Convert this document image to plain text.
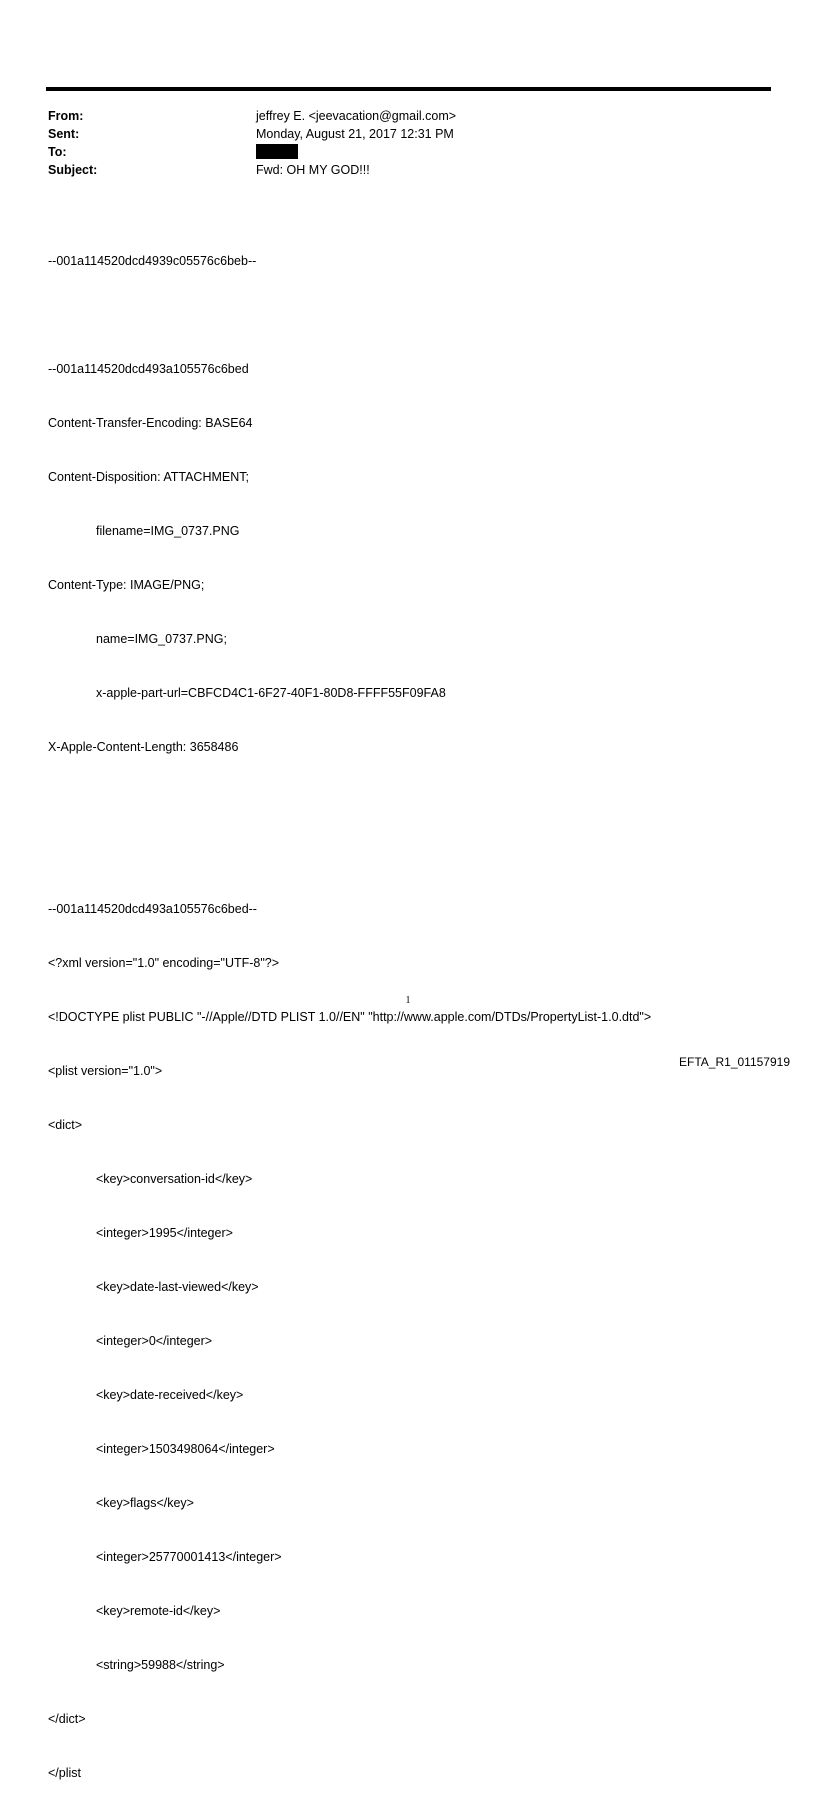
From:	jeffrey E. <jeevacation@gmail.com>
Sent:	Monday, August 21, 2017 12:31 PM
To:
Subject:	Fwd: OH MY GOD!!!

--001a114520dcd4939c05576c6beb--

--001a114520dcd493a105576c6bed

Content-Transfer-Encoding: BASE64

Content-Disposition: ATTACHMENT;

filename=IMG_0737.PNG

Content-Type: IMAGE/PNG;

name=IMG_0737.PNG;

x-apple-part-url=CBFCD4C1-6F27-40F1-80D8-FFFF55F09FA8

X-Apple-Content-Length: 3658486

--001a114520dcd493a105576c6bed--

<?xml version="1.0" encoding="UTF-8"?>

<!DOCTYPE plist PUBLIC "-//Apple//DTD PLIST 1.0//EN" "http://www.apple.com/DTDs/PropertyList-1.0.dtd">

<plist version="1.0">

<dict>

<key>conversation-id</key>

<integer>1995</integer>

<key>date-last-viewed</key>

<integer>0</integer>

<key>date-received</key>

<integer>1503498064</integer>

<key>flags</key>

<integer>25770001413</integer>

<key>remote-id</key>

<string>59988</string>

</dict>

</plist

1
EFTA_R1_01157919
